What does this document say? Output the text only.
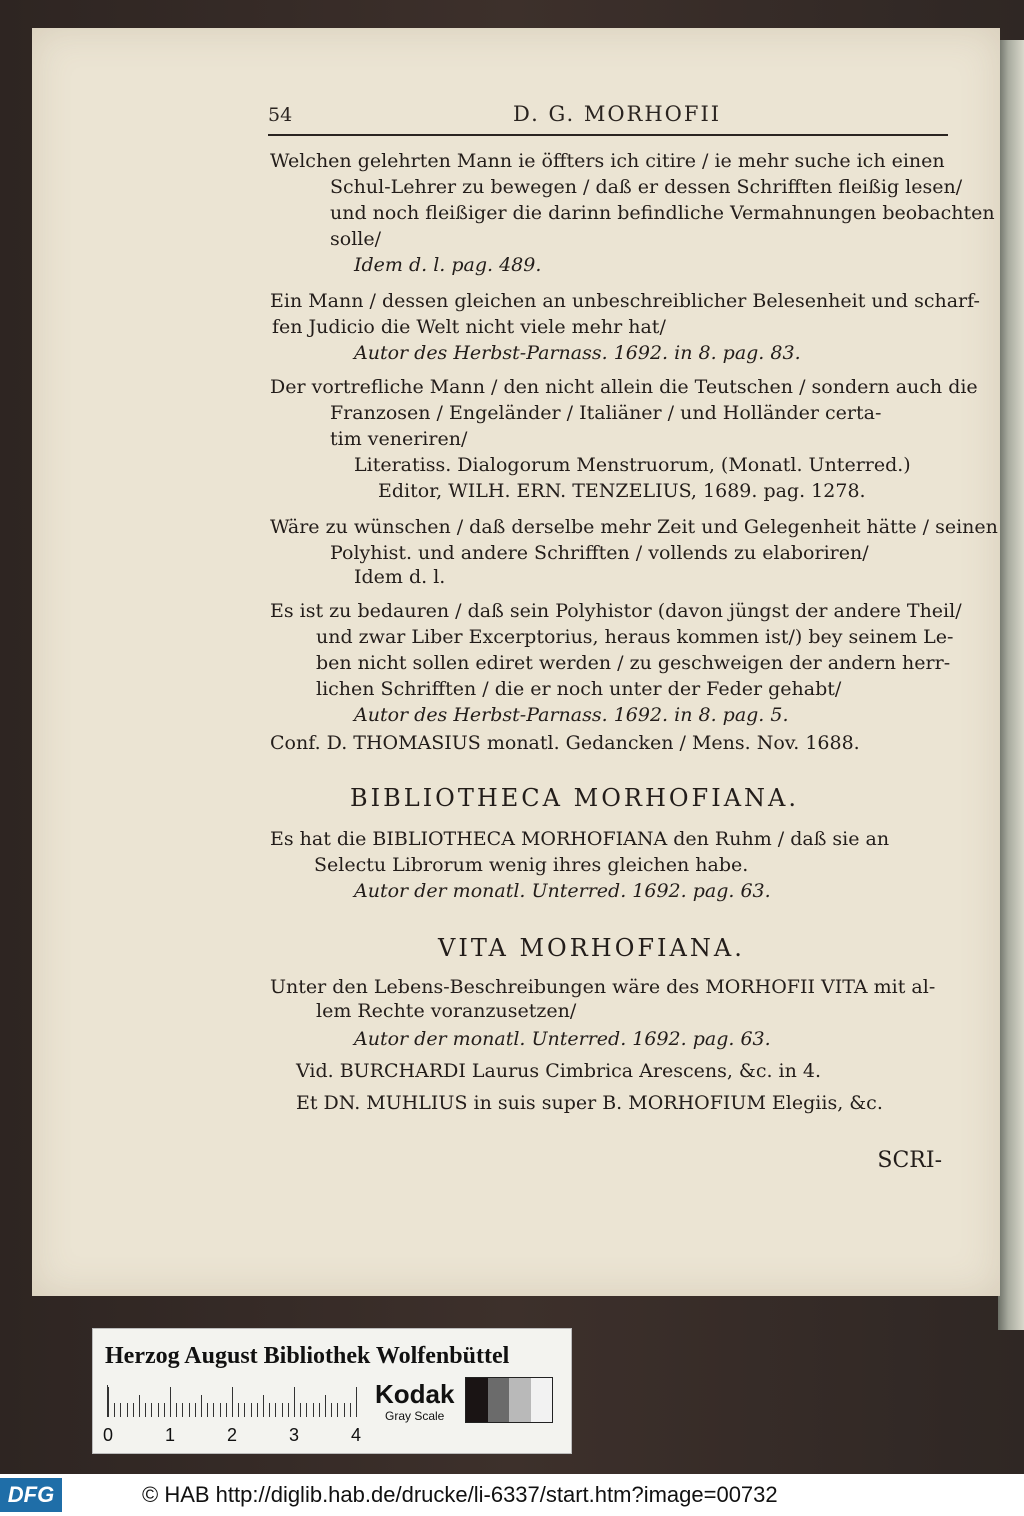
54	D. G. MORHOFII
Welchen gelehrten Mann ie öffters ich citire / ie mehr suche ich einen
Schul-Lehrer zu bewegen / daß er dessen Schrifften fleißig lesen/
und noch fleißiger die darinn befindliche Vermahnungen beobachten
solle/
Idem d. l. pag. 489.
Ein Mann / dessen gleichen an unbeschreiblicher Belesenheit und scharf-
fen Judicio die Welt nicht viele mehr hat/
Autor des Herbst-Parnass. 1692. in 8. pag. 83.
Der vortrefliche Mann / den nicht allein die Teutschen / sondern auch die
Franzosen / Engeländer / Italiäner / und Holländer certa-
tim veneriren/
Literatiss. Dialogorum Menstruorum, (Monatl. Unterred.)
Editor, WILH. ERN. TENZELIUS, 1689. pag. 1278.
Wäre zu wünschen / daß derselbe mehr Zeit und Gelegenheit hätte / seinen
Polyhist. und andere Schrifften / vollends zu elaboriren/
Idem d. l.
Es ist zu bedauren / daß sein Polyhistor (davon jüngst der andere Theil/
und zwar Liber Excerptorius, heraus kommen ist/) bey seinem Le-
ben nicht sollen ediret werden / zu geschweigen der andern herr-
lichen Schrifften / die er noch unter der Feder gehabt/
Autor des Herbst-Parnass. 1692. in 8. pag. 5.
Conf. D. THOMASIUS monatl. Gedancken / Mens. Nov. 1688.
BIBLIOTHECA MORHOFIANA.
Es hat die BIBLIOTHECA MORHOFIANA den Ruhm / daß sie an
Selectu Librorum wenig ihres gleichen habe.
Autor der monatl. Unterred. 1692. pag. 63.
VITA MORHOFIANA.
Unter den Lebens-Beschreibungen wäre des MORHOFII VITA mit al-
lem Rechte voranzusetzen/
Autor der monatl. Unterred. 1692. pag. 63.
Vid. BURCHARDI Laurus Cimbrica Arescens, &c. in 4.
Et DN. MUHLIUS in suis super B. MORHOFIUM Elegiis, &c.
SCRI-
Herzog August Bibliothek Wolfenbüttel
0	1	2	3	4
Kodak
Gray Scale
DFG	© HAB http://diglib.hab.de/drucke/li-6337/start.htm?image=00732
